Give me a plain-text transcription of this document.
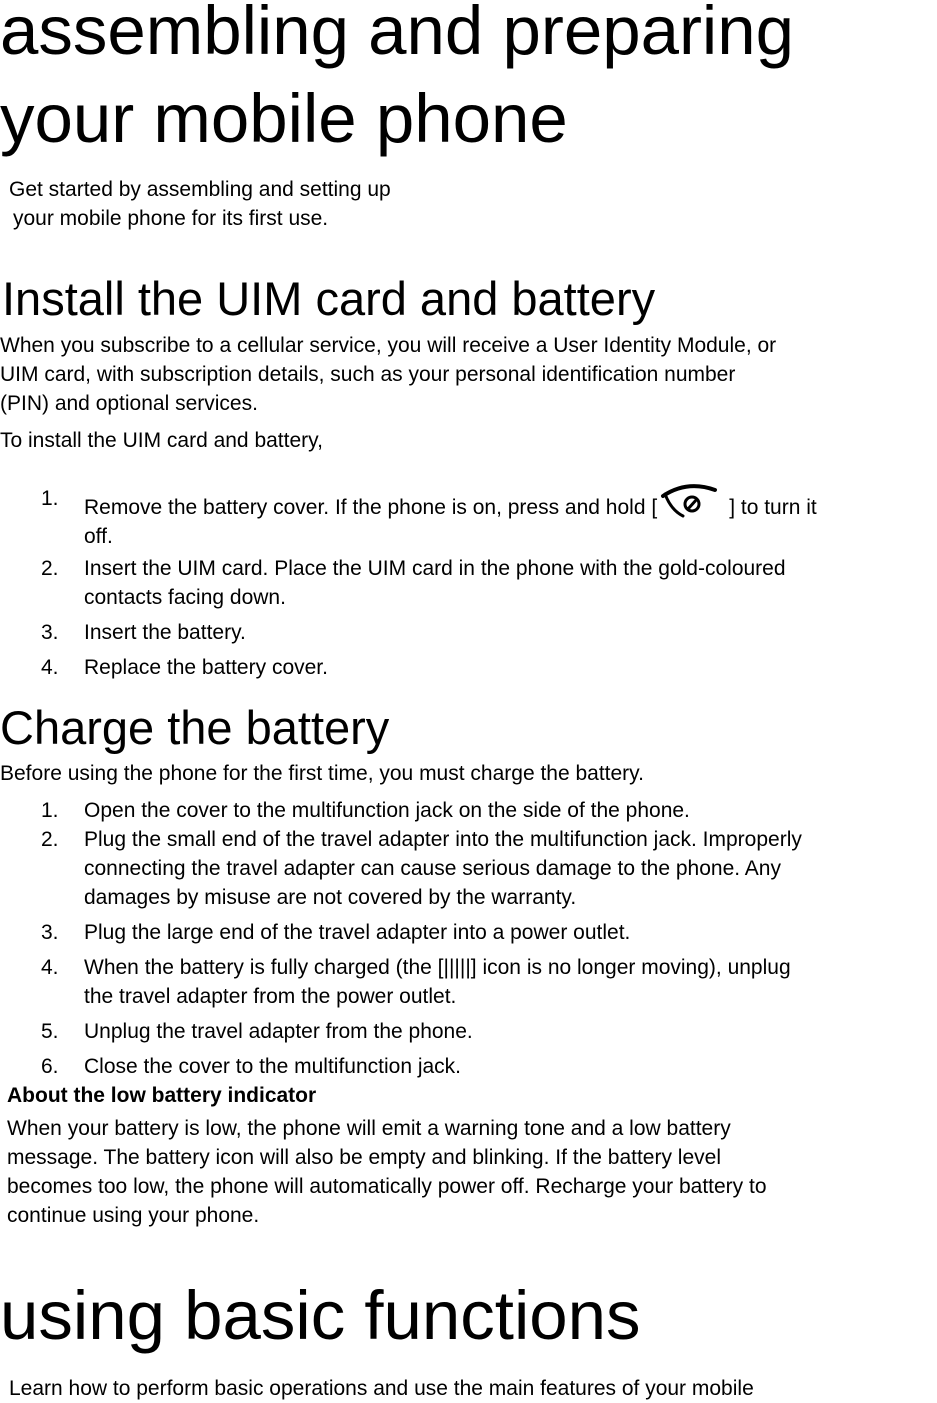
assembling and preparing
your mobile phone

Get started by assembling and setting up

your mobile phone for its first use.

Install the UIM card and battery

When you subscribe to a cellular service, you will receive a User Identity Module, or

UIM card, with subscription details, such as your personal identification number

(PIN) and optional services.

To install the UIM card and battery,

1. Remove the battery cover. If the phone is on, press and hold [	] to turn it
off.
2. Insert the UIM card. Place the UIM card in the phone with the gold-coloured
contacts facing down.
3. Insert the battery.
4. Replace the battery cover.
Charge the battery

Before using the phone for the first time, you must charge the battery.

1. Open the cover to the multifunction jack on the side of the phone.
2. Plug the small end of the travel adapter into the multifunction jack. Improperly
connecting the travel adapter can cause serious damage to the phone. Any
damages by misuse are not covered by the warranty.
3. Plug the large end of the travel adapter into a power outlet.
4. When the battery is fully charged (the [|||||] icon is no longer moving), unplug
the travel adapter from the power outlet.
5. Unplug the travel adapter from the phone.
6. Close the cover to the multifunction jack.

About the low battery indicator

When your battery is low, the phone will emit a warning tone and a low battery

message. The battery icon will also be empty and blinking. If the battery level

becomes too low, the phone will automatically power off. Recharge your battery to

continue using your phone.

using basic functions

Learn how to perform basic operations and use the main features of your mobile
